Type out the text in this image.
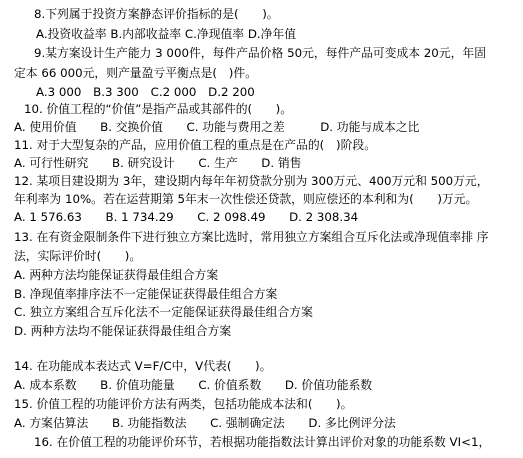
8.下列属于投资方案静态评价指标的是(　　)。
A.投资收益率 B.内部收益率 C.净现值率 D.净年值
9.某方案设计生产能力 3 000件，每件产品价格 50元，每件产品可变成本 20元，年固
定本 66 000元，则产量盈亏平衡点是(　)件。
A.3 000　B.3 300　C.2 000　D.2 200
10. 价值工程的“价值”是指产品或其部件的(　　)。
A. 使用价值　　B. 交换价值　　C. 功能与费用之差　　　D. 功能与成本之比
11. 对于大型复杂的产品，应用价值工程的重点是在产品的(　)阶段。
A. 可行性研究　　B. 研究设计　　C. 生产　　D. 销售
12. 某项目建设期为 3年，建设期内每年年初贷款分别为 300万元、400万元和 500万元，
年利率为 10%。若在运营期第 5年末一次性偿还贷款，则应偿还的本利和为(　　)万元。
A. 1 576.63　　B. 1 734.29　　C. 2 098.49　　D. 2 308.34
13. 在有资金限制条件下进行独立方案比选时，常用独立方案组合互斥化法或净现值率排 序
法，实际评价时(　　)。
A. 两种方法均能保证获得最佳组合方案
B. 净现值率排序法不一定能保证获得最佳组合方案
C. 独立方案组合互斥化法不一定能保证获得最佳组合方案
D. 两种方法均不能保证获得最佳组合方案
14. 在功能成本表达式 V=F/C中，V代表(　　)。
A. 成本系数　　B. 价值功能量　　C. 价值系数　　D. 价值功能系数
15. 价值工程的功能评价方法有两类，包括功能成本法和(　　)。
A. 方案估算法　　B. 功能指数法　　C. 强制确定法　　D. 多比例评分法
16. 在价值工程的功能评价环节，若根据功能指数法计算出评价对象的功能系数 VI<1，
